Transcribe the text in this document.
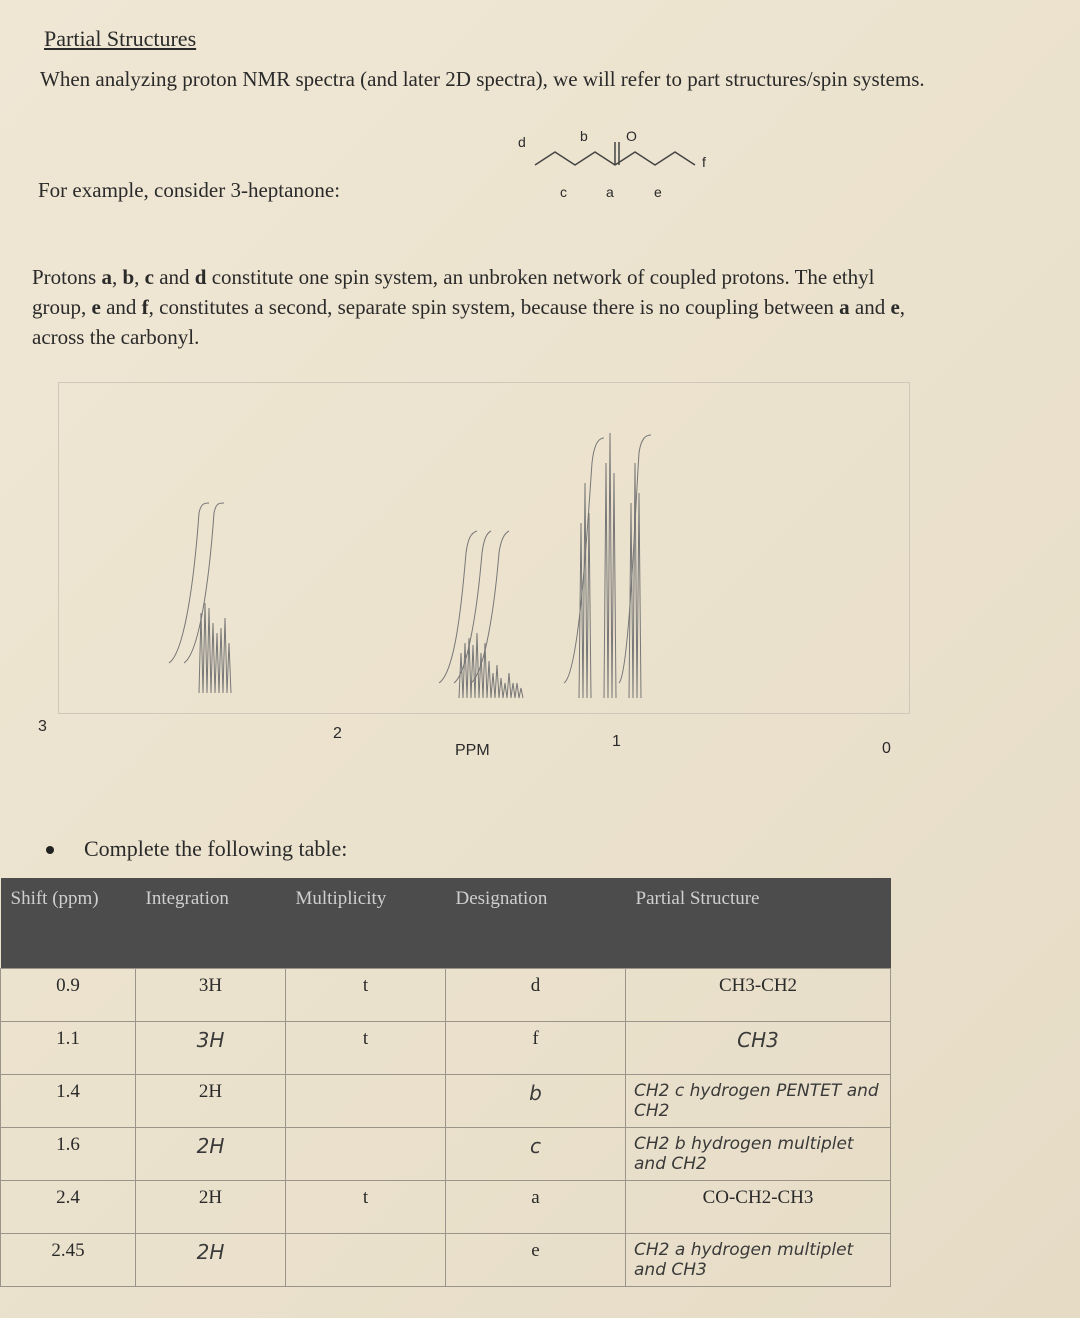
Partial Structures
When analyzing proton NMR spectra (and later 2D spectra), we will refer to part structures/spin systems.
For example, consider 3-heptanone:
d	b	O
f
c	a	e
Protons a, b, c and d constitute one spin system, an unbroken network of coupled protons. The ethyl group, e and f, constitutes a second, separate spin system, because there is no coupling between a and e, across the carbonyl.
3	2	1	0
PPM
Complete the following table:
Shift (ppm)	Integration	Multiplicity	Designation	Partial Structure
0.9	3H	t	d	CH3-CH2
1.1	3H	t	f	CH3
1.4	2H		b	CH2 c hydrogen PENTET and CH2
1.6	2H		c	CH2 b hydrogen multiplet and CH2
2.4	2H	t	a	CO-CH2-CH3
2.45	2H		e	CH2 a hydrogen multiplet and CH3
